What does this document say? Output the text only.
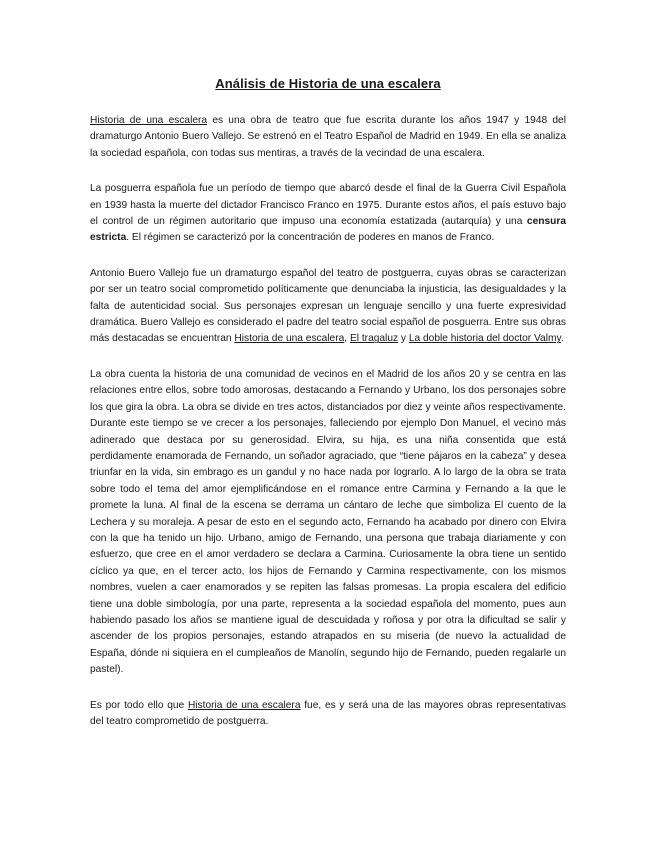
Análisis de Historia de una escalera

Historia de una escalera es una obra de teatro que fue escrita durante los años 1947 y 1948 del dramaturgo Antonio Buero Vallejo. Se estrenó en el Teatro Español de Madrid en 1949. En ella se analiza la sociedad española, con todas sus mentiras, a través de la vecindad de una escalera.

La posguerra española fue un período de tiempo que abarcó desde el final de la Guerra Civil Española en 1939 hasta la muerte del dictador Francisco Franco en 1975. Durante estos años, el país estuvo bajo el control de un régimen autoritario que impuso una economía estatizada (autarquía) y una censura estricta. El régimen se caracterizó por la concentración de poderes en manos de Franco.

Antonio Buero Vallejo fue un dramaturgo español del teatro de postguerra, cuyas obras se caracterizan por ser un teatro social comprometido políticamente que denunciaba la injusticia, las desigualdades y la falta de autenticidad social. Sus personajes expresan un lenguaje sencillo y una fuerte expresividad dramática. Buero Vallejo es considerado el padre del teatro social español de posguerra. Entre sus obras más destacadas se encuentran Historia de una escalera, El tragaluz y La doble historia del doctor Valmy.

La obra cuenta la historia de una comunidad de vecinos en el Madrid de los años 20 y se centra en las relaciones entre ellos, sobre todo amorosas, destacando a Fernando y Urbano, los dos personajes sobre los que gira la obra. La obra se divide en tres actos, distanciados por diez y veinte años respectivamente. Durante este tiempo se ve crecer a los personajes, falleciendo por ejemplo Don Manuel, el vecino más adinerado que destaca por su generosidad. Elvira, su hija, es una niña consentida que está perdidamente enamorada de Fernando, un soñador agraciado, que “tiene pájaros en la cabeza” y desea triunfar en la vida, sin embrago es un gandul y no hace nada por lograrlo. A lo largo de la obra se trata sobre todo el tema del amor ejemplificándose en el romance entre Carmina y Fernando a la que le promete la luna. Al final de la escena se derrama un cántaro de leche que simboliza El cuento de la Lechera y su moraleja. A pesar de esto en el segundo acto, Fernando ha acabado por dinero con Elvira con la que ha tenido un hijo. Urbano, amigo de Fernando, una persona que trabaja diariamente y con esfuerzo, que cree en el amor verdadero se declara a Carmina. Curiosamente la obra tiene un sentido cíclico ya que, en el tercer acto, los hijos de Fernando y Carmina respectivamente, con los mismos nombres, vuelen a caer enamorados y se repiten las falsas promesas. La propia escalera del edificio tiene una doble simbología, por una parte, representa a la sociedad española del momento, pues aun habiendo pasado los años se mantiene igual de descuidada y roñosa y por otra la dificultad se salir y ascender de los propios personajes, estando atrapados en su miseria (de nuevo la actualidad de España, dónde ni siquiera en el cumpleaños de Manolín, segundo hijo de Fernando, pueden regalarle un pastel).

Es por todo ello que Historia de una escalera fue, es y será una de las mayores obras representativas del teatro comprometido de postguerra.
